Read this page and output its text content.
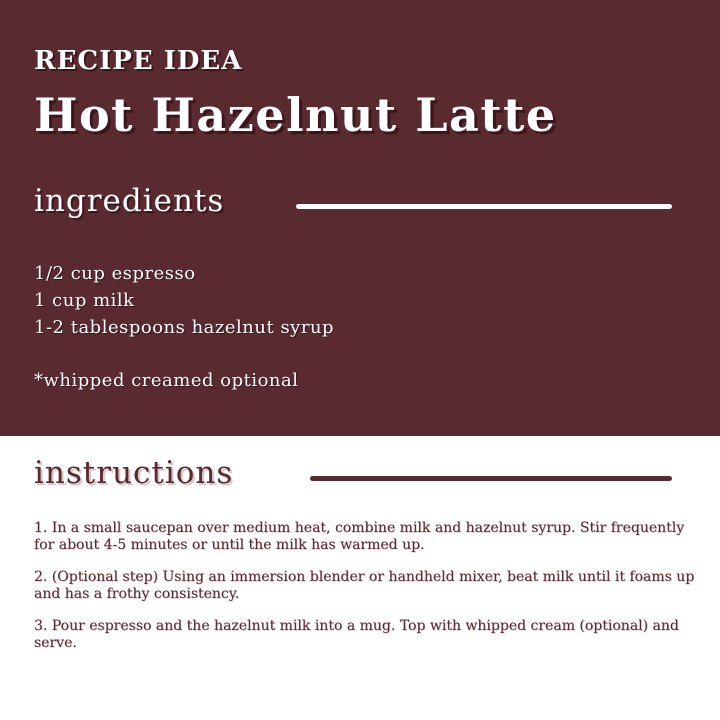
RECIPE IDEA
Hot Hazelnut Latte
ingredients
1/2 cup espresso
1 cup milk
1-2 tablespoons hazelnut syrup
*whipped creamed optional
instructions

1. In a small saucepan over medium heat, combine milk and hazelnut syrup. Stir frequently for about 4-5 minutes or until the milk has warmed up.

2. (Optional step) Using an immersion blender or handheld mixer, beat milk until it foams up and has a frothy consistency.

3. Pour espresso and the hazelnut milk into a mug. Top with whipped cream (optional) and serve.
